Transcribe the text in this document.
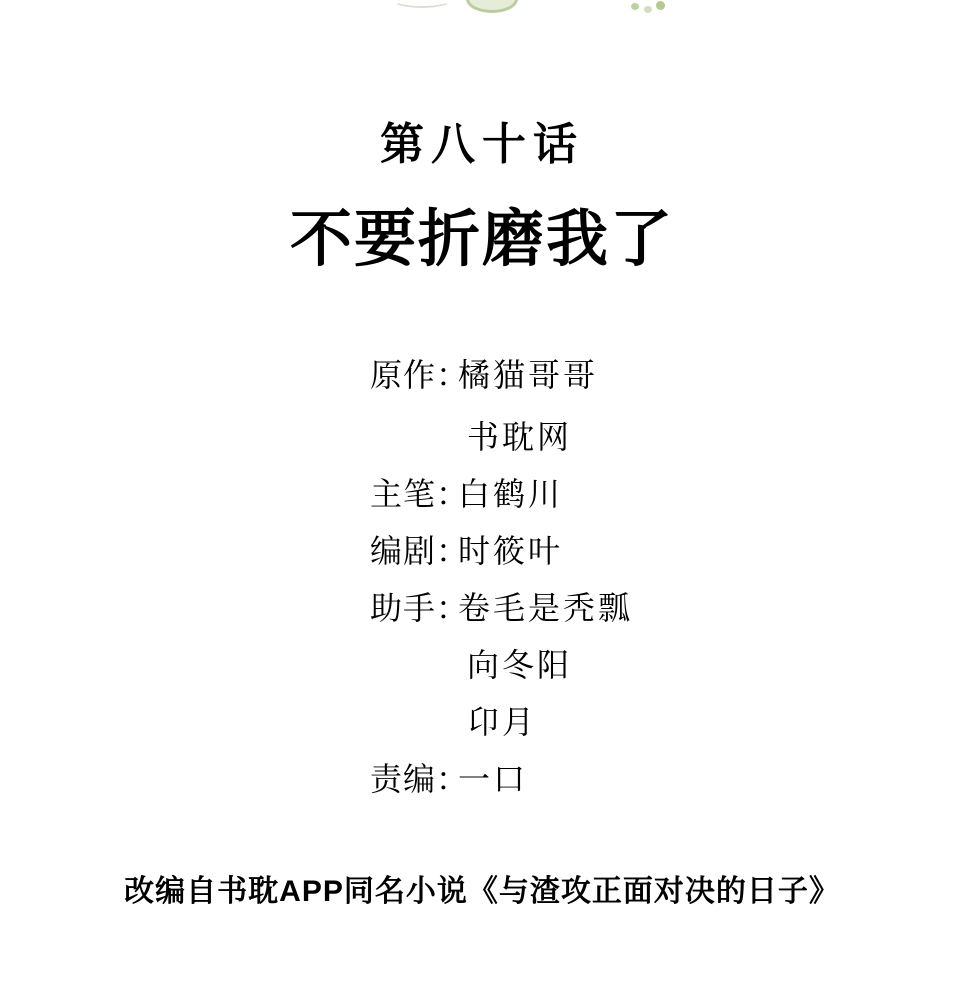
第八十话
不要折磨我了
原作：
橘猫哥哥
书耽网
主笔：
白鹤川
编剧：
时筱叶
助手：
卷毛是秃瓢
向冬阳
卬月
责编：
一口
改编自书耽APP同名小说《与渣攻正面对决的日子》
